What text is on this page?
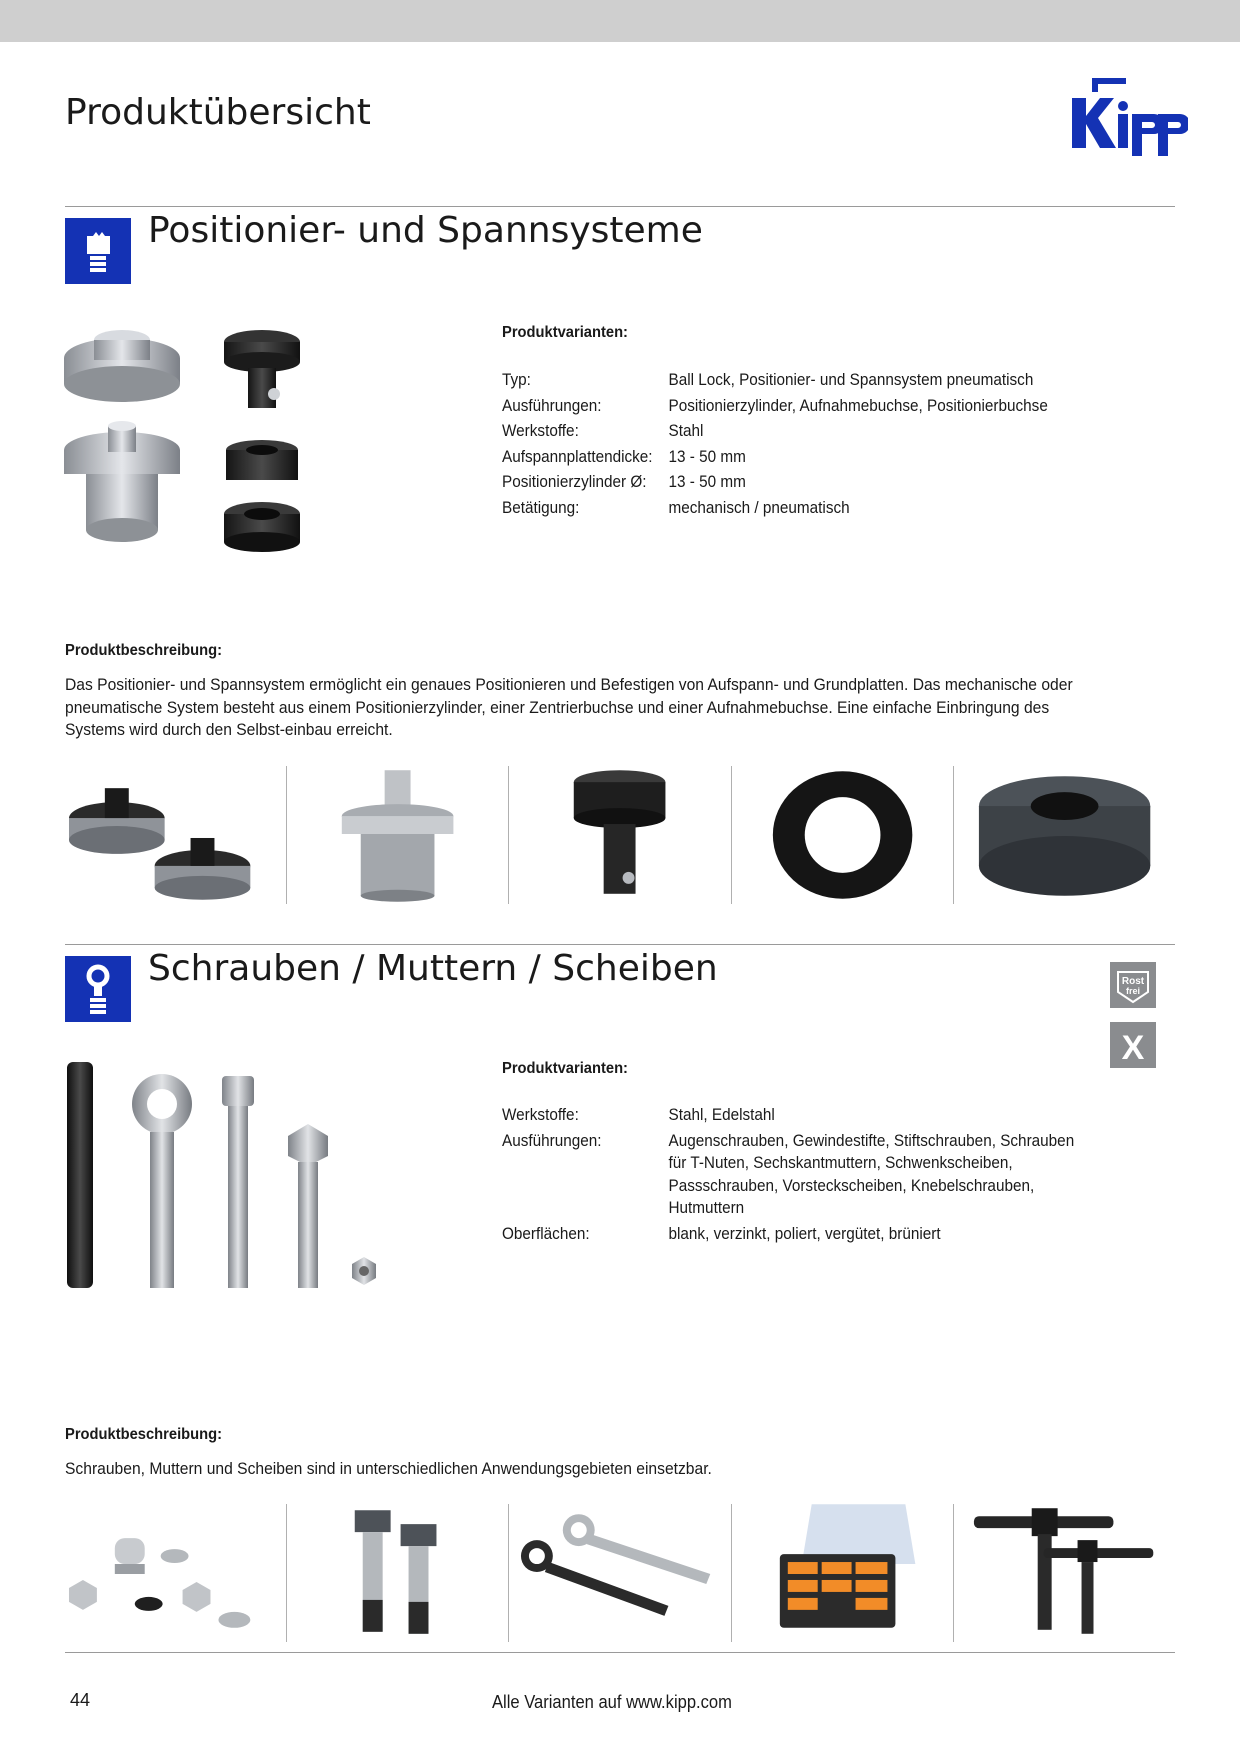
Produktübersicht
Positionier- und Spannsysteme
Produktvarianten:
Typ:	Ball Lock, Positionier- und Spannsystem pneumatisch
Ausführungen:	Positionierzylinder, Aufnahmebuchse, Positionierbuchse
Werkstoffe:	Stahl
Aufspannplattendicke: 13 - 50 mm
Positionierzylinder Ø:	13 - 50 mm
Betätigung:	mechanisch / pneumatisch
Produktbeschreibung:
Das Positionier- und Spannsystem ermöglicht ein genaues Positionieren und Befestigen von Aufspann- und Grundplatten. Das mechanische oder pneumatische System besteht aus einem Positionierzylinder, einer Zentrierbuchse und einer Aufnahmebuchse. Eine einfache Einbringung des Systems wird durch den Selbst-einbau erreicht.
Schrauben / Muttern / Scheiben	Rost
frei
X
Produktvarianten:
Werkstoffe:	Stahl, Edelstahl
Ausführungen:	Augenschrauben, Gewindestifte, Stiftschrauben, Schrauben für T-Nuten, Sechskantmuttern, Schwenkscheiben, Passschrauben, Vorsteckscheiben, Knebelschrauben, Hutmuttern
Oberflächen:	blank, verzinkt, poliert, vergütet, brüniert
Produktbeschreibung:
Schrauben, Muttern und Scheiben sind in unterschiedlichen Anwendungsgebieten einsetzbar.
44	Alle Varianten auf www.kipp.com
